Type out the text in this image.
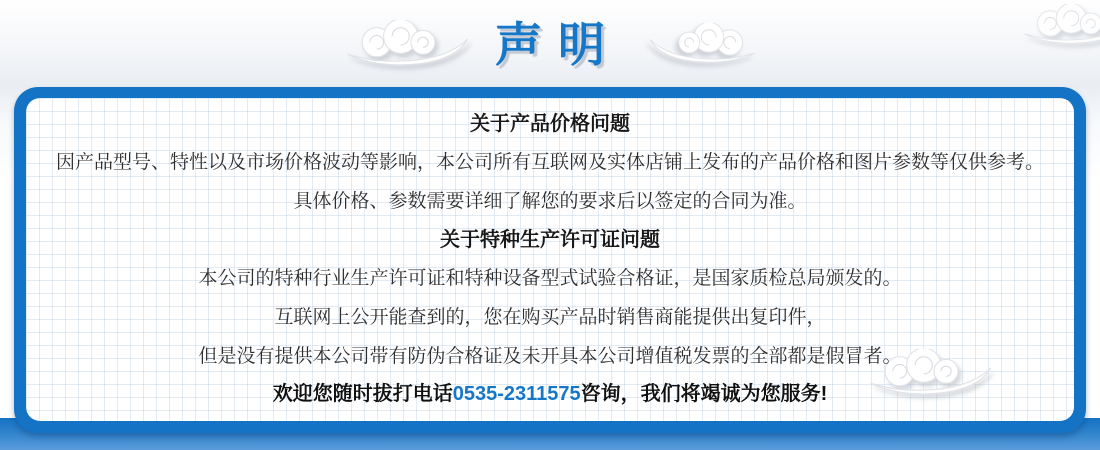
声明

关于产品价格问题

因产品型号、特性以及市场价格波动等影响，本公司所有互联网及实体店铺上发布的产品价格和图片参数等仅供参考。

具体价格、参数需要详细了解您的要求后以签定的合同为准。

关于特种生产许可证问题

本公司的特种行业生产许可证和特种设备型式试验合格证，是国家质检总局颁发的。

互联网上公开能查到的，您在购买产品时销售商能提供出复印件，

但是没有提供本公司带有防伪合格证及未开具本公司增值税发票的全部都是假冒者。

欢迎您随时拔打电话0535-2311575咨询，我们将竭诚为您服务!
